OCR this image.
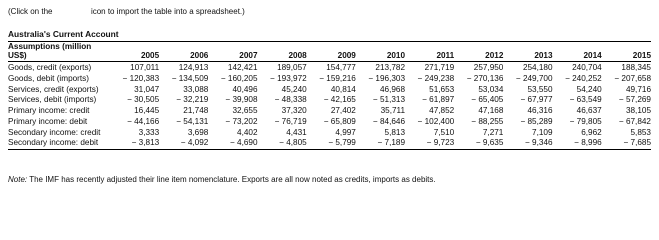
(Click on the	icon to import the table into a spreadsheet.)
Australia's Current Account											
Assumptions (million
US$)	2005	2006	2007	2008	2009	2010	2011	2012	2013	2014	2015
Goods, credit (exports)	107,011	124,913	142,421	189,057	154,777	213,782	271,719	257,950	254,180	240,704	188,345
Goods, debit (imports)	− 120,383	− 134,509	− 160,205	− 193,972	− 159,216	− 196,303	− 249,238	− 270,136	− 249,700	− 240,252	− 207,658
Services, credit (exports)	31,047	33,088	40,496	45,240	40,814	46,968	51,653	53,034	53,550	54,240	49,716
Services, debit (imports)	− 30,505	− 32,219	− 39,908	− 48,338	− 42,165	− 51,313	− 61,897	− 65,405	− 67,977	− 63,549	− 57,269
Primary income: credit	16,445	21,748	32,655	37,320	27,402	35,711	47,852	47,168	46,316	46,637	38,105
Primary income: debit	− 44,166	− 54,131	− 73,202	− 76,719	− 65,809	− 84,646	− 102,400	− 88,255	− 85,289	− 79,805	− 67,842
Secondary income: credit	3,333	3,698	4,402	4,431	4,997	5,813	7,510	7,271	7,109	6,962	5,853
Secondary income: debit	− 3,813	− 4,092	− 4,690	− 4,805	− 5,799	− 7,189	− 9,723	− 9,635	− 9,346	− 8,996	− 7,685
Note: The IMF has recently adjusted their line item nomenclature. Exports are all now noted as credits, imports as debits.
